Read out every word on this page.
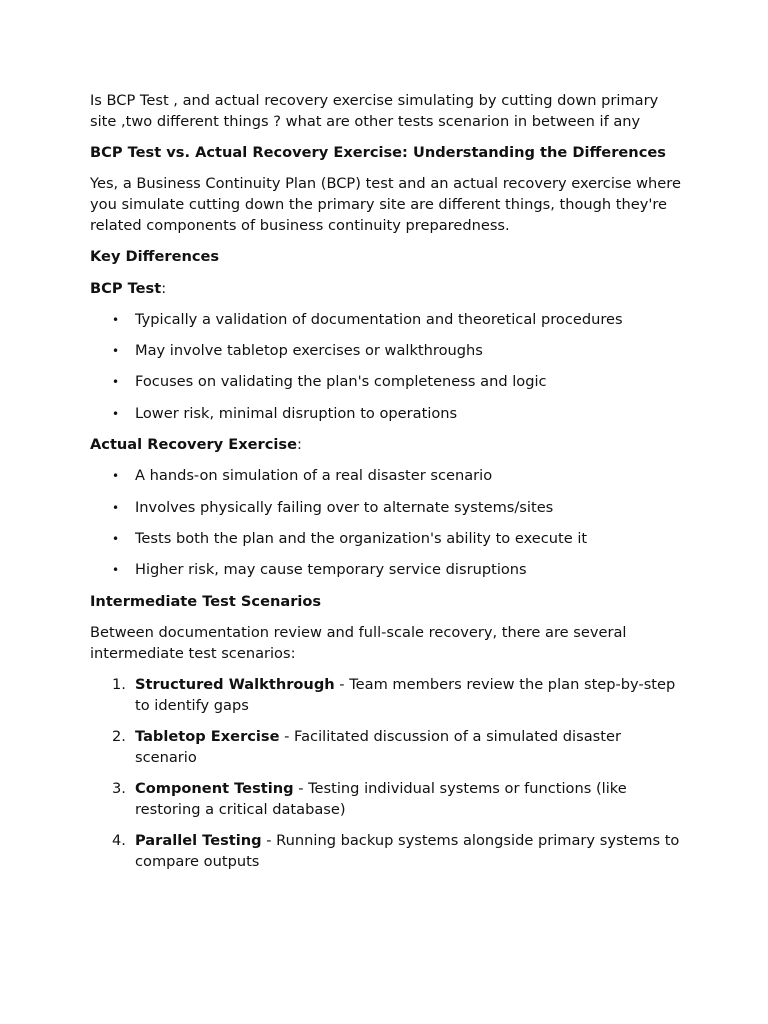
Is BCP Test , and actual recovery exercise simulating by cutting down primary site ,two different things ? what are other tests scenarion in between if any

BCP Test vs. Actual Recovery Exercise: Understanding the Differences

Yes, a Business Continuity Plan (BCP) test and an actual recovery exercise where you simulate cutting down the primary site are different things, though they're related components of business continuity preparedness.

Key Differences

BCP Test:

• Typically a validation of documentation and theoretical procedures
• May involve tabletop exercises or walkthroughs
• Focuses on validating the plan's completeness and logic
• Lower risk, minimal disruption to operations

Actual Recovery Exercise:

• A hands-on simulation of a real disaster scenario
• Involves physically failing over to alternate systems/sites
• Tests both the plan and the organization's ability to execute it
• Higher risk, may cause temporary service disruptions

Intermediate Test Scenarios

Between documentation review and full-scale recovery, there are several intermediate test scenarios:

1. Structured Walkthrough - Team members review the plan step-by-step to identify gaps
2. Tabletop Exercise - Facilitated discussion of a simulated disaster scenario
3. Component Testing - Testing individual systems or functions (like restoring a critical database)
4. Parallel Testing - Running backup systems alongside primary systems to compare outputs
